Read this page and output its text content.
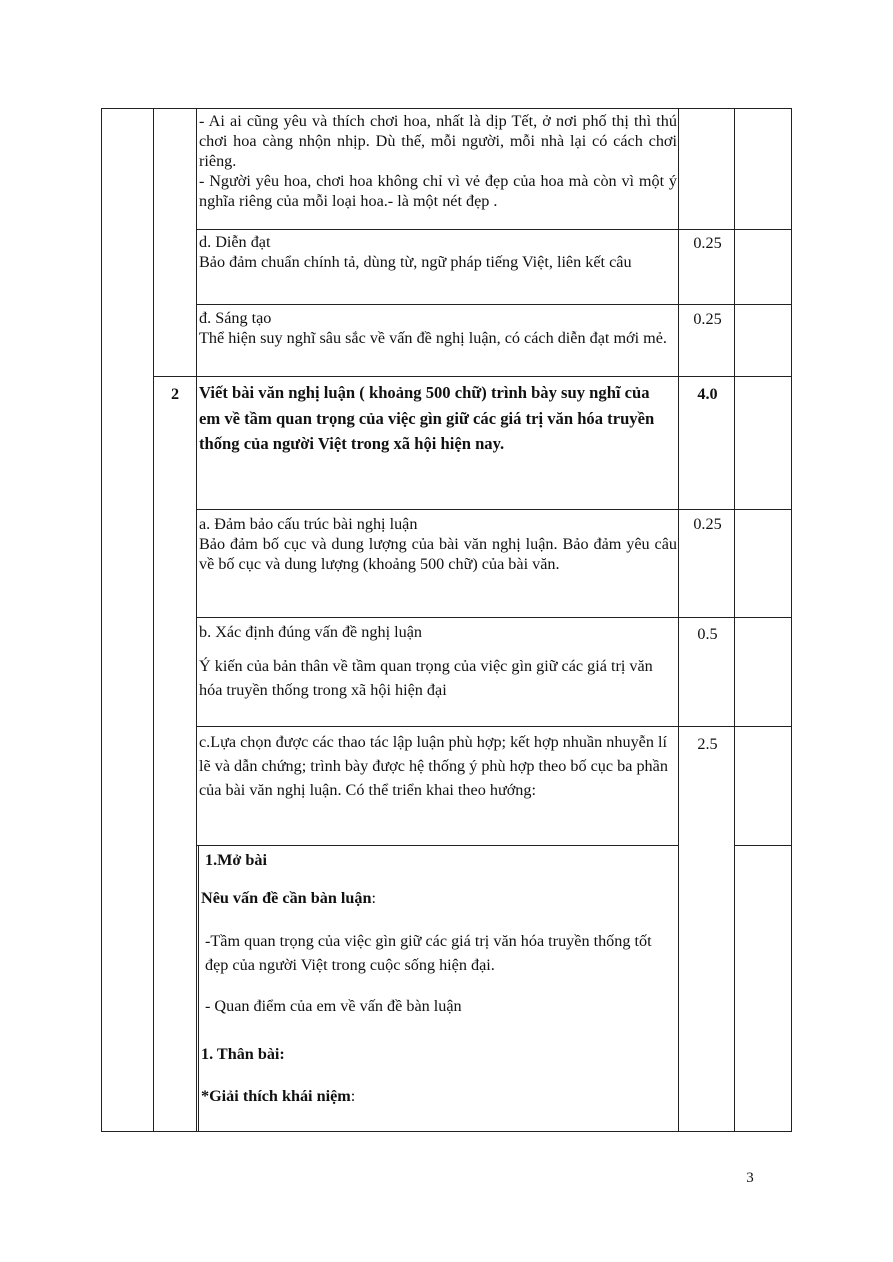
- Ai ai cũng yêu và thích chơi hoa, nhất là dịp Tết, ở nơi phố thị thì thú chơi hoa càng nhộn nhịp. Dù thế, mỗi người, mỗi nhà lại có cách chơi riêng.

- Người yêu hoa, chơi hoa không chỉ vì vẻ đẹp của hoa mà còn vì một ý nghĩa riêng của mỗi loại hoa.- là một nét đẹp .

d. Diễn đạt

Bảo đảm chuẩn chính tả, dùng từ, ngữ pháp tiếng Việt, liên kết câu

0.25

đ. Sáng tạo

Thể hiện suy nghĩ sâu sắc về vấn đề nghị luận, có cách diễn đạt mới mẻ.

0.25
2	Viết bài văn nghị luận ( khoảng 500 chữ) trình bày suy nghĩ của em về tầm quan trọng của việc gìn giữ các giá trị văn hóa truyền thống của người Việt trong xã hội hiện nay.
4.0

a. Đảm bảo cấu trúc bài nghị luận

Bảo đảm bố cục và dung lượng của bài văn nghị luận. Bảo đảm yêu câu về bố cục và dung lượng (khoảng 500 chữ) của bài văn.

0.25

b. Xác định đúng vấn đề nghị luận

Ý kiến của bản thân về tầm quan trọng của việc gìn giữ các giá trị văn hóa truyền thống trong xã hội hiện đại

0.5
c.Lựa chọn được các thao tác lập luận phù hợp; kết hợp nhuần nhuyễn lí lẽ và dẫn chứng; trình bày được hệ thống ý phù hợp theo bố cục ba phần của bài văn nghị luận. Có thể triển khai theo hướng:
2.5
1.Mở bài
Nêu vấn đề cần bàn luận:
-Tầm quan trọng của việc gìn giữ các giá trị văn hóa truyền thống tốt đẹp của người Việt trong cuộc sống hiện đại.
- Quan điểm của em về vấn đề bàn luận
1. Thân bài:
*Giải thích khái niệm:
3
